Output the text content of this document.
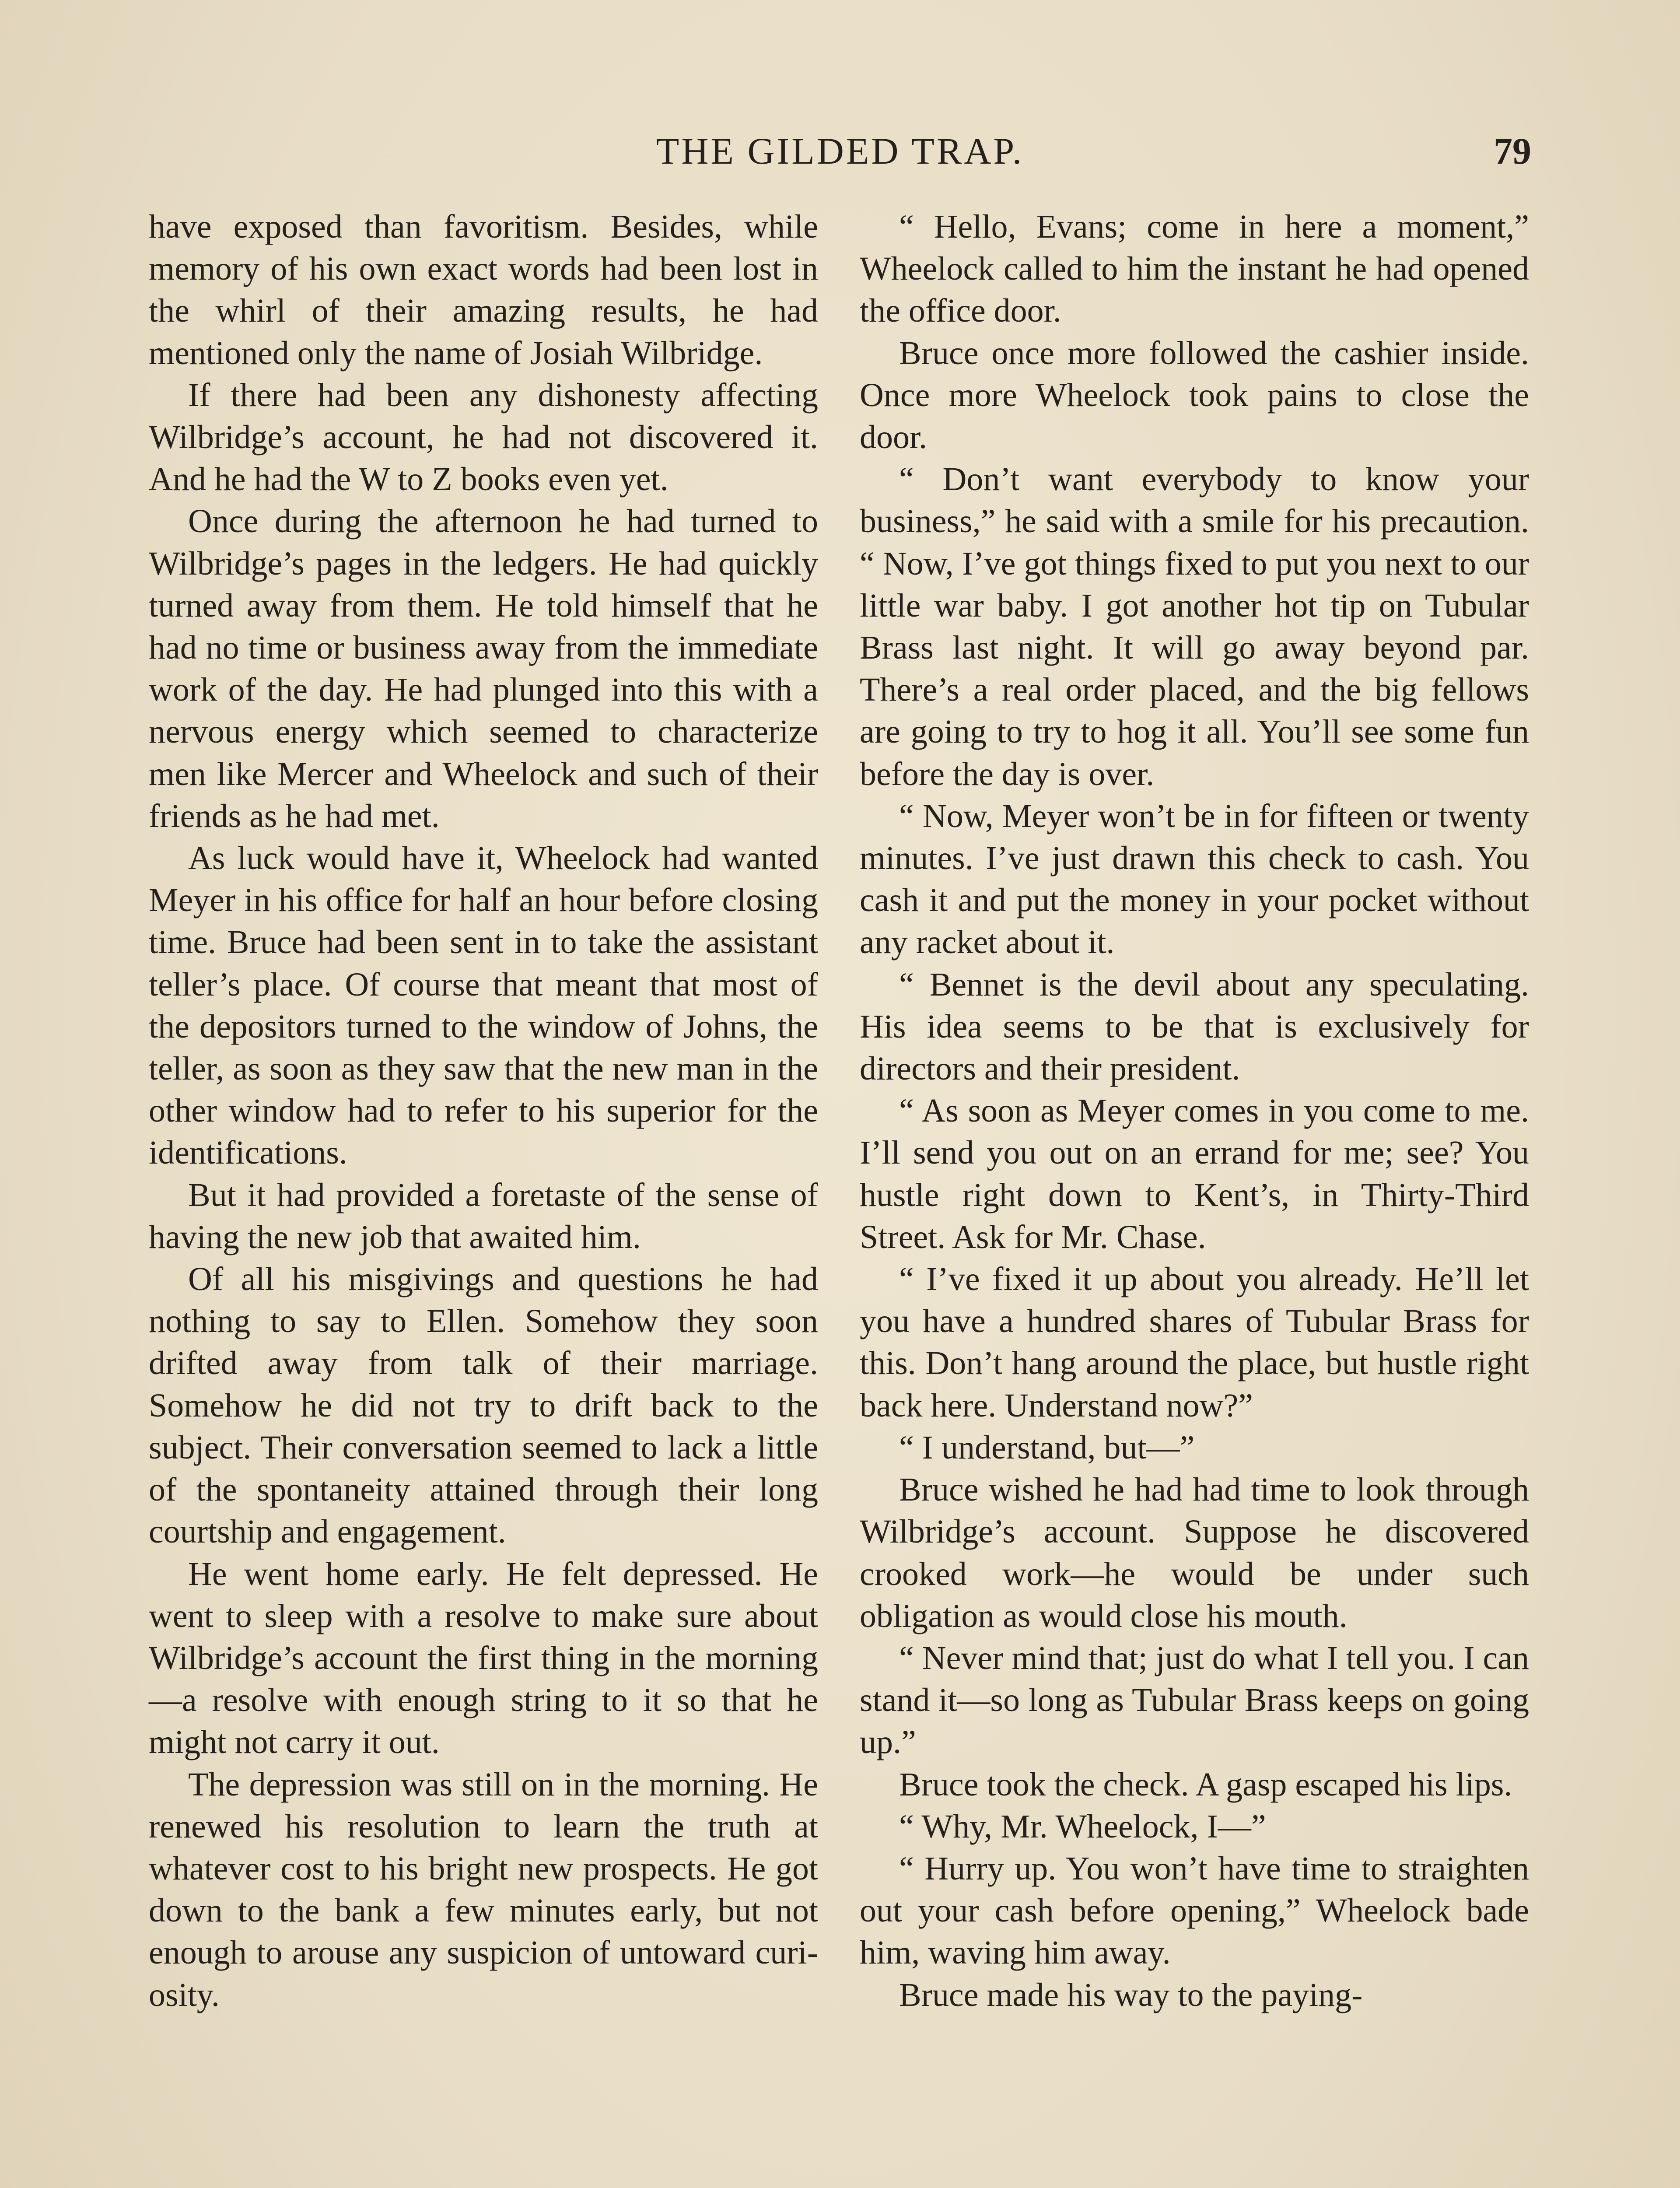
THE GILDED TRAP.	79

have exposed than favoritism. Besides, while memory of his own exact words had been lost in the whirl of their amazing results, he had mentioned only the name of Josiah Wilbridge.

If there had been any dishonesty affecting Wilbridge’s account, he had not discovered it. And he had the W to Z books even yet.

Once during the afternoon he had turned to Wilbridge’s pages in the ledgers. He had quickly turned away from them. He told himself that he had no time or business away from the immediate work of the day. He had plunged into this with a nervous energy which seemed to characterize men like Mercer and Wheelock and such of their friends as he had met.

As luck would have it, Wheelock had wanted Meyer in his office for half an hour before closing time. Bruce had been sent in to take the assistant teller’s place. Of course that meant that most of the depositors turned to the window of Johns, the teller, as soon as they saw that the new man in the other window had to refer to his superior for the identifications.

But it had provided a foretaste of the sense of having the new job that awaited him.

Of all his misgivings and questions he had nothing to say to Ellen. Somehow they soon drifted away from talk of their marriage. Somehow he did not try to drift back to the subject. Their conversation seemed to lack a little of the spontaneity attained through their long courtship and engagement.

He went home early. He felt depressed. He went to sleep with a resolve to make sure about Wilbridge’s account the first thing in the morning—a resolve with enough string to it so that he might not carry it out.

The depression was still on in the morning. He renewed his resolution to learn the truth at whatever cost to his bright new prospects. He got down to the bank a few minutes early, but not enough to arouse any suspicion of untoward curiosity.

“ Hello, Evans; come in here a moment,” Wheelock called to him the instant he had opened the office door.

Bruce once more followed the cashier inside. Once more Wheelock took pains to close the door.

“ Don’t want everybody to know your business,” he said with a smile for his precaution. “ Now, I’ve got things fixed to put you next to our little war baby. I got another hot tip on Tubular Brass last night. It will go away beyond par. There’s a real order placed, and the big fellows are going to try to hog it all. You’ll see some fun before the day is over.

“ Now, Meyer won’t be in for fifteen or twenty minutes. I’ve just drawn this check to cash. You cash it and put the money in your pocket without any racket about it.

“ Bennet is the devil about any speculating. His idea seems to be that is exclusively for directors and their president.

“ As soon as Meyer comes in you come to me. I’ll send you out on an errand for me; see? You hustle right down to Kent’s, in Thirty-Third Street. Ask for Mr. Chase.

“ I’ve fixed it up about you already. He’ll let you have a hundred shares of Tubular Brass for this. Don’t hang around the place, but hustle right back here. Understand now?”

“ I understand, but—”

Bruce wished he had had time to look through Wilbridge’s account. Suppose he discovered crooked work—he would be under such obligation as would close his mouth.

“ Never mind that; just do what I tell you. I can stand it—so long as Tubular Brass keeps on going up.”

Bruce took the check. A gasp escaped his lips.

“ Why, Mr. Wheelock, I—”

“ Hurry up. You won’t have time to straighten out your cash before opening,” Wheelock bade him, waving him away.

Bruce made his way to the paying-
